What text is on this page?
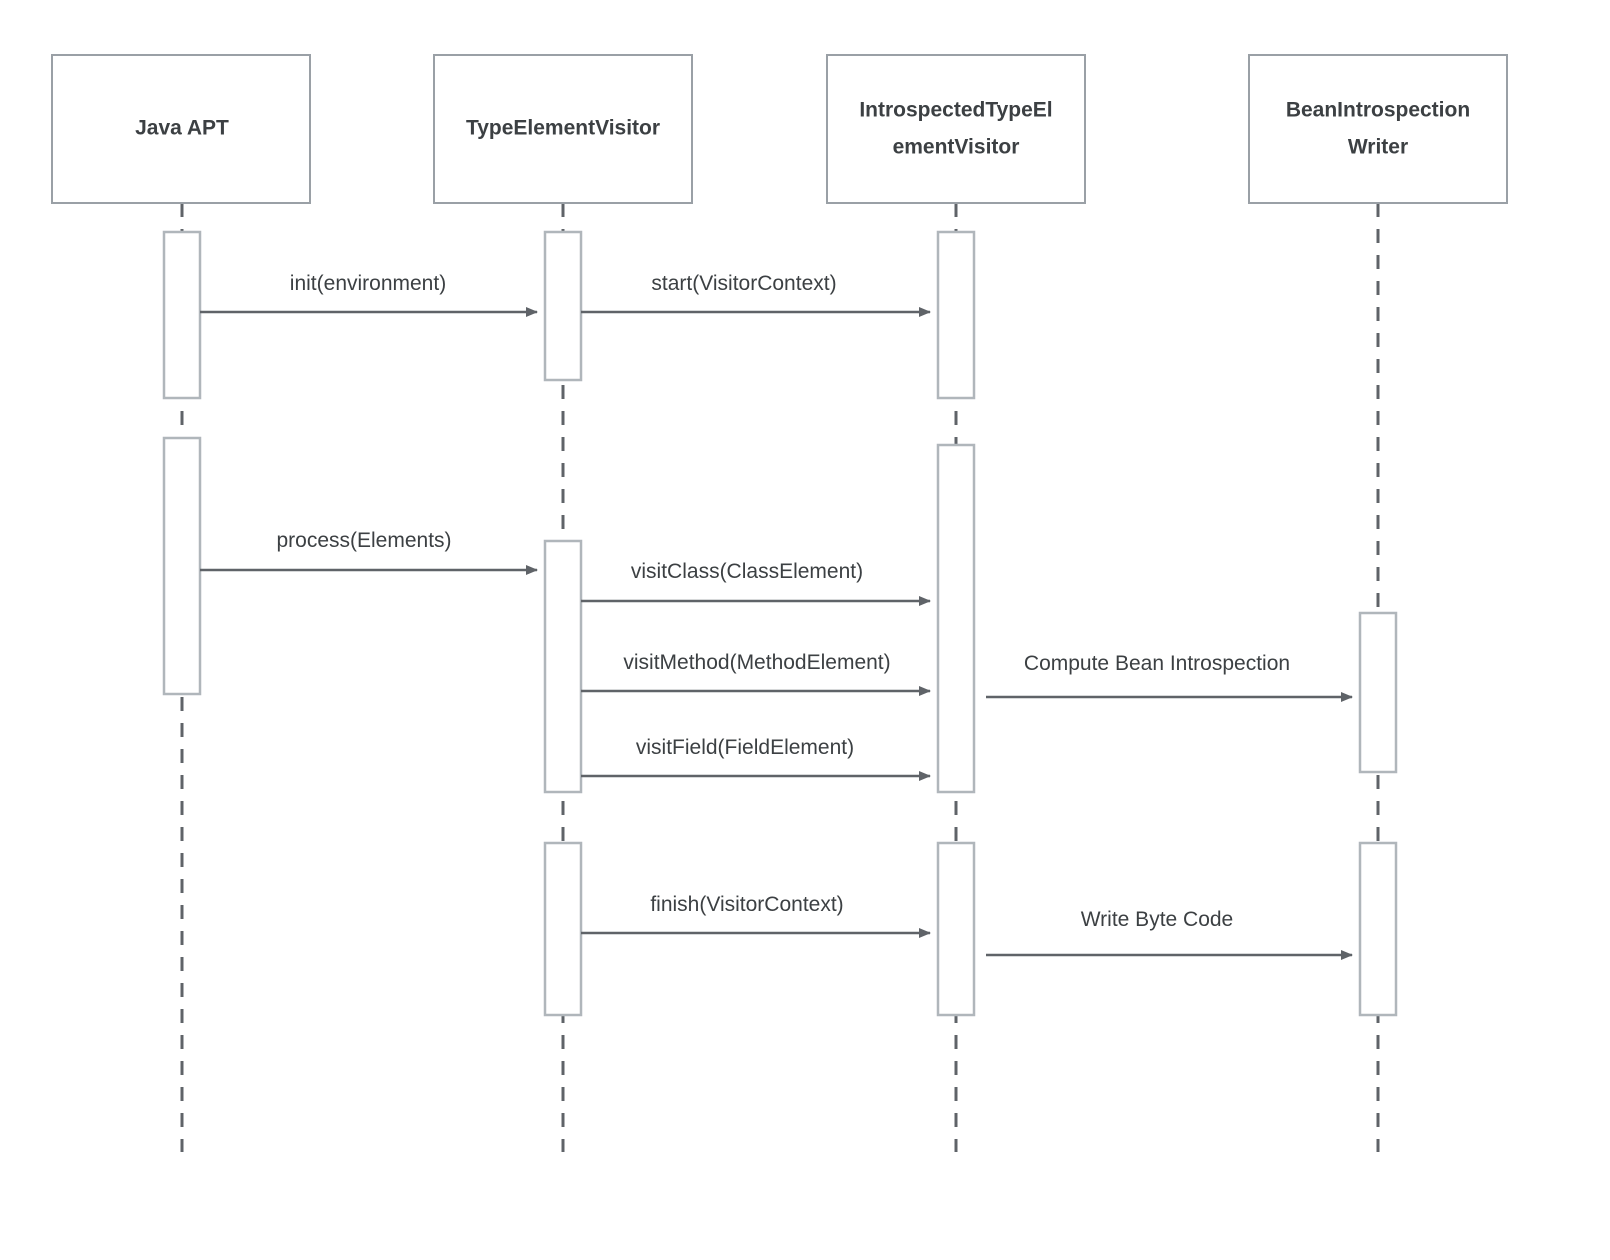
Java APT	TypeElementVisitor
IntrospectedTypeEl
ementVisitor
BeanIntrospection
Writer
init(environment)	start(VisitorContext)
process(Elements)
visitClass(ClassElement)
visitMethod(MethodElement)	Compute Bean Introspection
visitField(FieldElement)
finish(VisitorContext)
Write Byte Code
